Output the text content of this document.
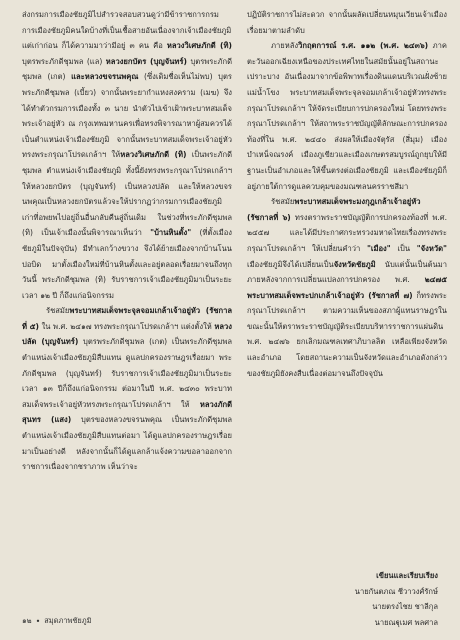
ส่งกรมการเมืองชัยภูมิไปสำรวจสอบสวนดูว่ามีข้าราชการกรมการเมืองชัยภูมิคนใดบ้างที่เป็นเชื้อสายอันเนื่องจากเจ้าเมืองชัยภูมิแต่เก่าก่อน ก็ได้ความมาว่ามีอยู่ ๓ คน คือ หลวงวิเศษภักดี (ทิ) บุตรพระภักดีชุมพล (แล) หลวงยกบัตร (บุญจันทร์) บุตรพระภักดีชุมพล (เกต) และหลวงขจรนพคุณ (ซึ่งเดิมชื่อเห็นไม่พบ) บุตรพระภักดีชุมพล (เบี้ยว) จากนั้นพระยากำแหงสงคราม (เมฆ) จึงได้ทำตัวกรมการเมืองทั้ง ๓ นาย นำตัวไปเข้าเฝ้าพระบาทสมเด็จพระเจ้าอยู่หัว ณ กรุงเทพมหานครเพื่อทรงพิจารณาหาผู้สมควรได้เป็นตำแหน่งเจ้าเมืองชัยภูมิ จากนั้นพระบาทสมเด็จพระเจ้าอยู่หัวทรงพระกรุณาโปรดเกล้าฯ ให้หลวงวิเศษภักดี (ทิ) เป็นพระภักดีชุมพล ตำแหน่งเจ้าเมืองชัยภูมิ ทั้งนี้ยังทรงพระกรุณาโปรดเกล้าฯ ให้หลวงยกบัตร (บุญจันทร์) เป็นหลวงปลัด และให้หลวงขจรนพคุณเป็นหลวงยกบัตรแล้วจะให้ปรากฏว่ากรมการเมืองชัยภูมิเก่าที่อพยพไปอยู่ถิ่นอื่นกลับคืนสู่ถิ่นเดิม ในช่วงที่พระภักดีชุมพล (ทิ) เป็นเจ้าเมืองนั้นพิจารณาเห็นว่า "บ้านหินตั้ง" (ที่ตั้งเมืองชัยภูมิในปัจจุบัน) มีทำเลกว้างขวาง จึงได้ย้ายเมืองจากบ้านโนนปอบิด มาตั้งเมืองใหม่ที่บ้านหินตั้งและอยู่ตลอดเรื่อยมาจนถึงทุกวันนี้ พระภักดีชุมพล (ทิ) รับราชการเจ้าเมืองชัยภูมิมาเป็นระยะเวลา ๑๒ ปี ก็ถึงแก่อนิจกรรม

รัชสมัยพระบาทสมเด็จพระจุลจอมเกล้าเจ้าอยู่หัว (รัชกาลที่ ๕) ใน พ.ศ. ๒๔๑๗ ทรงพระกรุณาโปรดเกล้าฯ แต่งตั้งให้ หลวงปลัด (บุญจันทร์) บุตรพระภักดีชุมพล (เกต) เป็นพระภักดีชุมพล ตำแหน่งเจ้าเมืองชัยภูมิสืบแทน ดูแลปกครองราษฎรเรื่อยมา พระภักดีชุมพล (บุญจันทร์) รับราชการเจ้าเมืองชัยภูมิมาเป็นระยะเวลา ๑๓ ปีก็ถึงแก่อนิจกรรม ต่อมาในปี พ.ศ. ๒๔๓๐ พระบาทสมเด็จพระเจ้าอยู่หัวทรงพระกรุณาโปรดเกล้าฯ ให้ หลวงภักดีสุนทร (แสง) บุตรของหลวงขจรนพคุณ เป็นพระภักดีชุมพล ตำแหน่งเจ้าเมืองชัยภูมิสืบแทนต่อมา ได้ดูแลปกครองราษฎรเรื่อยมาเป็นอย่างดี หลังจากนั้นก็ได้ดูแลกล้าแจ้งความขอลาออกจากราชการเนื่องจากชราภาพ เห็นว่าจะ

ปฏิบัติราชการไม่สะดวก จากนั้นผลัดเปลี่ยนหมุนเวียนเจ้าเมืองเรื่อยมาตามลำดับ

ภายหลังวิกฤตการณ์ ร.ศ. ๑๑๒ (พ.ศ. ๒๔๓๖) ภาคตะวันออกเฉียงเหนือของประเทศไทยในสมัยนั้นอยู่ในสถานะเปราะบาง อันเนื่องมาจากข้อพิพาทเรื่องดินแดนบริเวณฝั่งซ้ายแม่น้ำโขง พระบาทสมเด็จพระจุลจอมเกล้าเจ้าอยู่หัวทรงพระกรุณาโปรดเกล้าฯ ให้จัดระเบียบการปกครองใหม่ โดยทรงพระกรุณาโปรดเกล้าฯ ให้สถาพระราชบัญญัติลักษณะการปกครองท้องที่ใน พ.ศ. ๒๔๔๐ ส่งผลให้เมืองจัตุรัส (สี่มุม) เมืองบำเหน็จณรงค์ เมืองภูเขียวและเมืองเกษตรสมบูรณ์ถูกยุบให้มีฐานะเป็นอำเภอและให้ขึ้นตรงต่อเมืองชัยภูมิ และเมืองชัยภูมิก็อยู่ภายใต้การดูแลควบคุมของมณฑลนครราชสีมา

รัชสมัยพระบาทสมเด็จพระมงกุฎเกล้าเจ้าอยู่หัว (รัชกาลที่ ๖) ทรงตราพระราชบัญญัติการปกครองท้องที่ พ.ศ. ๒๔๕๗ และได้มีประกาศกระทรวงมหาดไทยเรื่องทรงพระกรุณาโปรดเกล้าฯ ให้เปลี่ยนคำว่า "เมือง" เป็น "จังหวัด" เมืองชัยภูมิจึงได้เปลี่ยนเป็นจังหวัดชัยภูมิ นับแต่นั้นเป็นต้นมา ภายหลังจากการเปลี่ยนแปลงการปกครอง พ.ศ. ๒๔๗๕ พระบาทสมเด็จพระปกเกล้าเจ้าอยู่หัว (รัชกาลที่ ๗) ก็ทรงพระกรุณาโปรดเกล้าฯ ตามความเห็นของสภาผู้แทนราษฎรในขณะนั้นให้ตราพระราชบัญญัติระเบียบบริหารราชการแผ่นดิน พ.ศ. ๒๔๗๖ ยกเลิกมณฑลเทศาภิบาลลิต เหลือเพียงจังหวัดและอำเภอ โดยสถานะความเป็นจังหวัดและอำเภอดังกล่าวของชัยภูมิยังคงสืบเนื่องต่อมาจนถึงปัจจุบัน

เขียนและเรียบเรียง
นายกันตภณ ชีวาวงศ์รักษ์
นายตรงไชย ชาลีกุล
นายณฐุเมศ พลศาล
๑๒ • สมุดภาพชัยภูมิ
